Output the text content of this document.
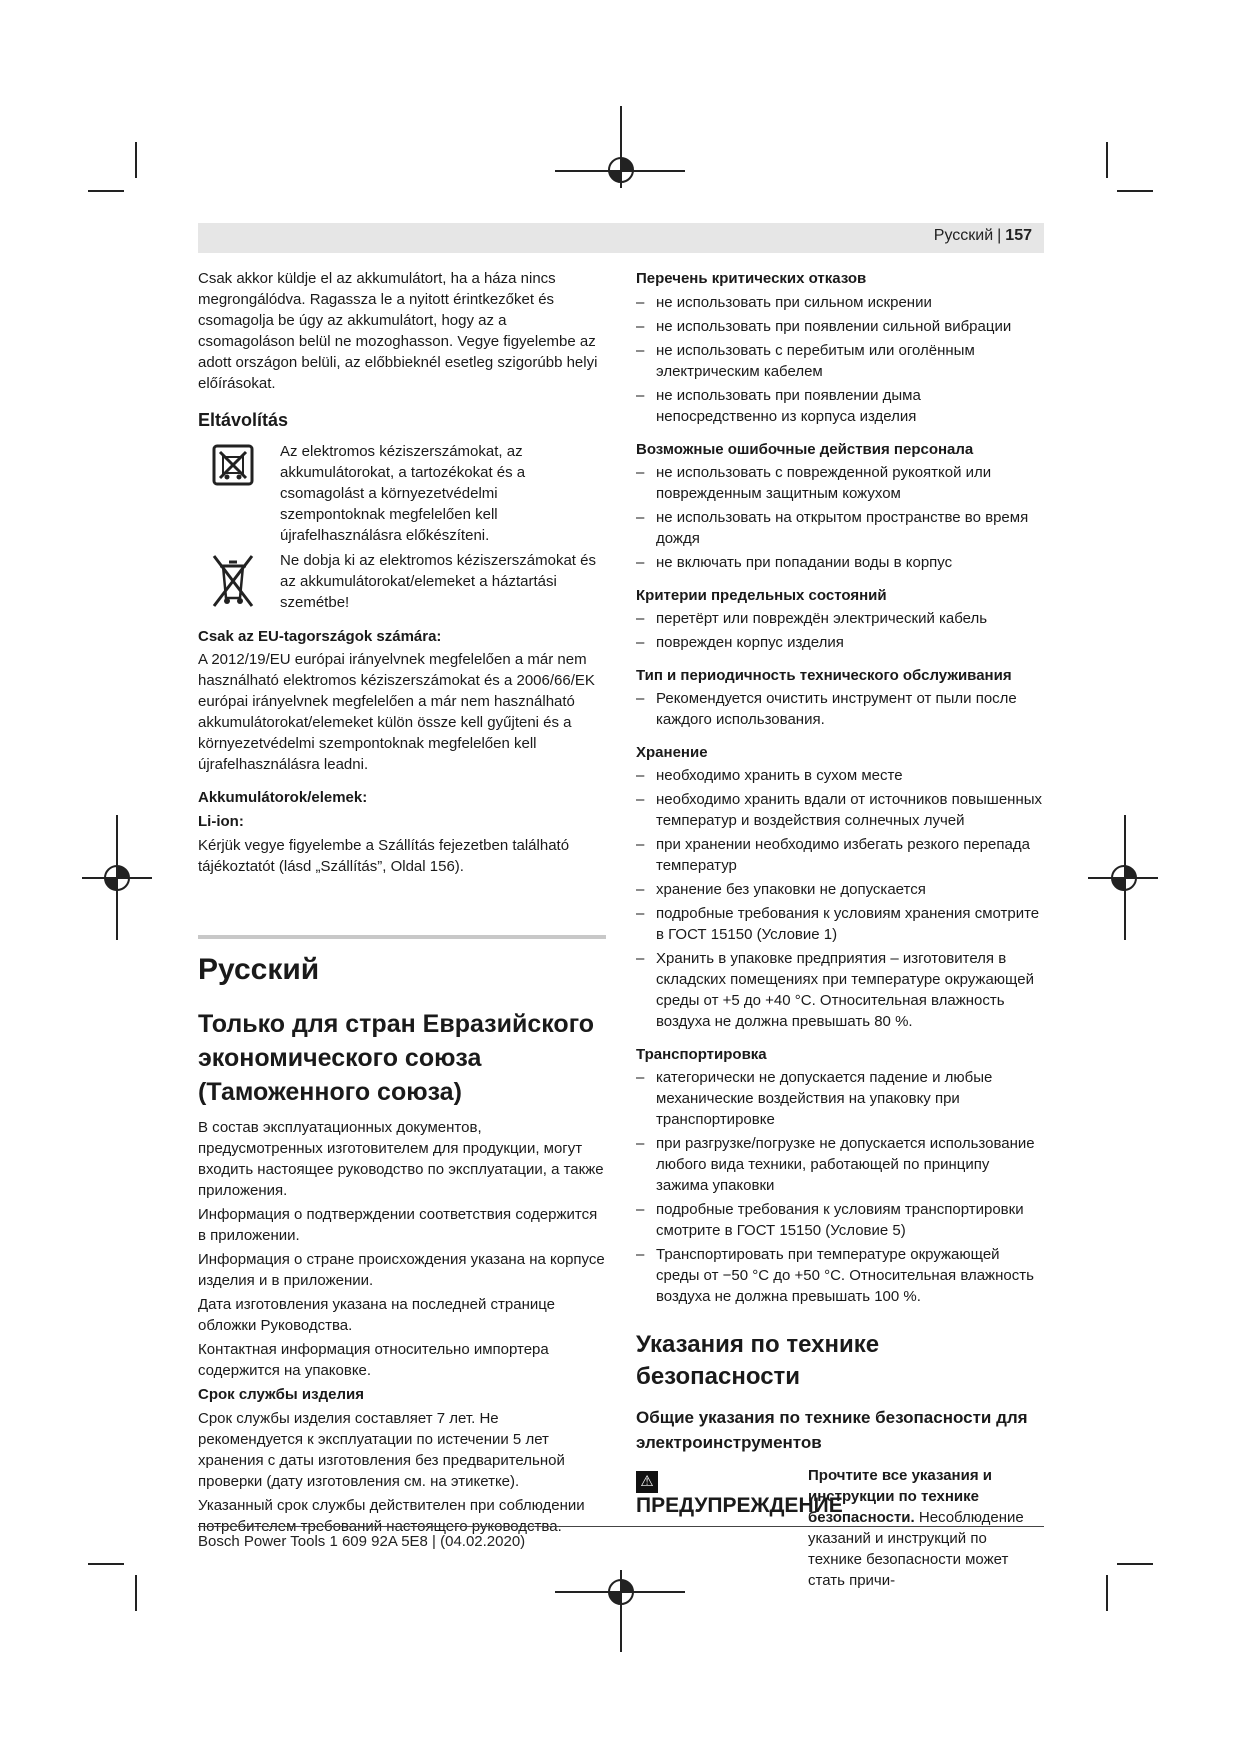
Русский | 157

Csak akkor küldje el az akkumulátort, ha a háza nincs megrongálódva. Ragassza le a nyitott érintkezőket és csomagolja be úgy az akkumulátort, hogy az a csomagoláson belül ne mozoghasson. Vegye figyelembe az adott országon belüli, az előbbieknél esetleg szigorúbb helyi előírásokat.

Eltávolítás
Az elektromos kéziszerszámokat, az akkumulátorokat, a tartozékokat és a csomagolást a környezetvédelmi szempontoknak megfelelően kell újrafelhasználásra előkészíteni.
Ne dobja ki az elektromos kéziszerszámokat és az akkumulátorokat/elemeket a háztartási szemétbe!
Csak az EU-tagországok számára:

A 2012/19/EU európai irányelvnek megfelelően a már nem használható elektromos kéziszerszámokat és a 2006/66/EK európai irányelvnek megfelelően a már nem használható akkumulátorokat/elemeket külön össze kell gyűjteni és a környezetvédelmi szempontoknak megfelelően kell újrafelhasználásra leadni.

Akkumulátorok/elemek:
Li-ion:

Kérjük vegye figyelembe a Szállítás fejezetben található tájékoztatót (lásd „Szállítás”, Oldal 156).

Русский
Только для стран Евразийского экономического союза (Таможенного союза)

В состав эксплуатационных документов, предусмотренных изготовителем для продукции, могут входить настоящее руководство по эксплуатации, а также приложения.

Информация о подтверждении соответствия содержится в приложении.

Информация о стране происхождения указана на корпусе изделия и в приложении.

Дата изготовления указана на последней странице обложки Руководства.

Контактная информация относительно импортера содержится на упаковке.

Срок службы изделия

Срок службы изделия составляет 7 лет. Не рекомендуется к эксплуатации по истечении 5 лет хранения с даты изготовления без предварительной проверки (дату изготовления см. на этикетке).

Указанный срок службы действителен при соблюдении потребителем требований настоящего руководства.

Перечень критических отказов
– не использовать при сильном искрении
– не использовать при появлении сильной вибрации
– не использовать с перебитым или оголённым электрическим кабелем
– не использовать при появлении дыма непосредственно из корпуса изделия
Возможные ошибочные действия персонала
– не использовать с поврежденной рукояткой или поврежденным защитным кожухом
– не использовать на открытом пространстве во время дождя
– не включать при попадании воды в корпус
Критерии предельных состояний
– перетёрт или повреждён электрический кабель
– поврежден корпус изделия
Тип и периодичность технического обслуживания
– Рекомендуется очистить инструмент от пыли после каждого использования.
Хранение
– необходимо хранить в сухом месте
– необходимо хранить вдали от источников повышенных температур и воздействия солнечных лучей
– при хранении необходимо избегать резкого перепада температур
– хранение без упаковки не допускается
– подробные требования к условиям хранения смотрите в ГОСТ 15150 (Условие 1)
– Хранить в упаковке предприятия – изготовителя в складских помещениях при температуре окружающей среды от +5 до +40 °C. Относительная влажность воздуха не должна превышать 80 %.
Транспортировка
– категорически не допускается падение и любые механические воздействия на упаковку при транспортировке
– при разгрузке/погрузке не допускается использование любого вида техники, работающей по принципу зажима упаковки
– подробные требования к условиям транспортировки смотрите в ГОСТ 15150 (Условие 5)
– Транспортировать при температуре окружающей среды от −50 °C до +50 °C. Относительная влажность воздуха не должна превышать 100 %.
Указания по технике безопасности
Общие указания по технике безопасности для электроинструментов
⚠ПРЕДУПРЕЖДЕНИЕ
Прочтите все указания и инструкции по технике безопасности. Несоблюдение указаний и инструкций по технике безопасности может стать причи-
Bosch Power Tools 1 609 92A 5E8 | (04.02.2020)
